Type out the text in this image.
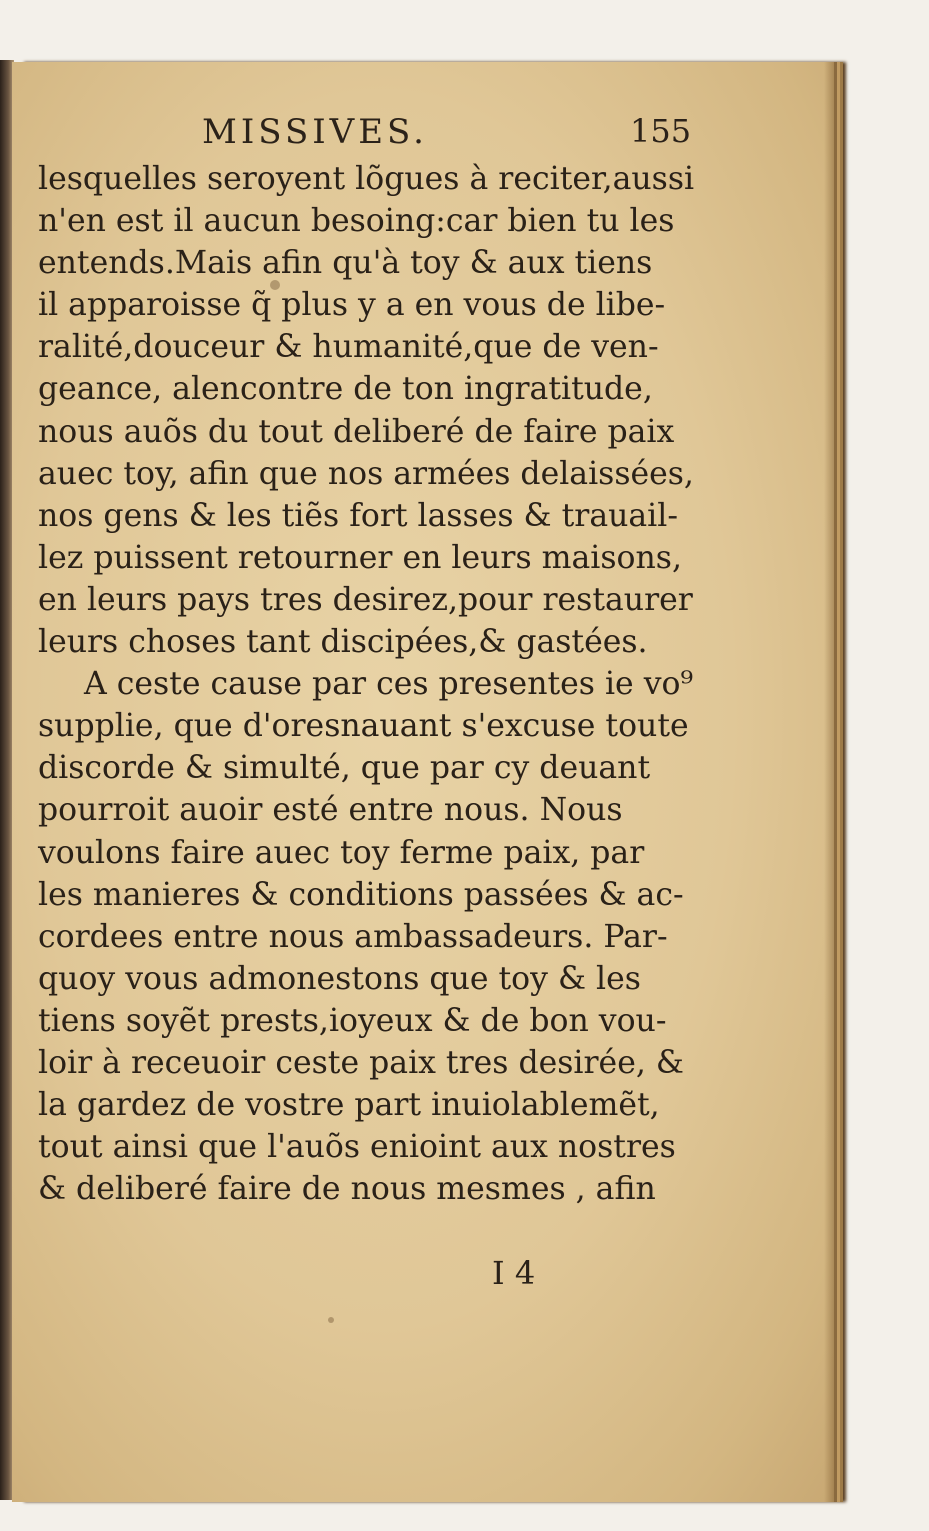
MISSIVES.	155
lesquelles seroyent lõgues à reciter,aussi
n'en est il aucun besoing:car bien tu les
entends.Mais afin qu'à toy & aux tiens
il apparoisse q̃ plus y a en vous de libe-
ralité,douceur & humanité,que de ven-
geance, alencontre de ton ingratitude,
nous auõs du tout deliberé de faire paix
auec toy, afin que nos armées delaissées,
nos gens & les tiẽs fort lasses & trauail-
lez puissent retourner en leurs maisons,
en leurs pays tres desirez,pour restaurer
leurs choses tant discipées,& gastées.
A ceste cause par ces presentes ie vo⁹
supplie, que d'oresnauant s'excuse toute
discorde & simulté, que par cy deuant
pourroit auoir esté entre nous. Nous
voulons faire auec toy ferme paix, par
les manieres & conditions passées & ac-
cordees entre nous ambassadeurs. Par-
quoy vous admonestons que toy & les
tiens soyẽt prests,ioyeux & de bon vou-
loir à receuoir ceste paix tres desirée, &
la gardez de vostre part inuiolablemẽt,
tout ainsi que l'auõs enioint aux nostres
& deliberé faire de nous mesmes , afin
I 4
